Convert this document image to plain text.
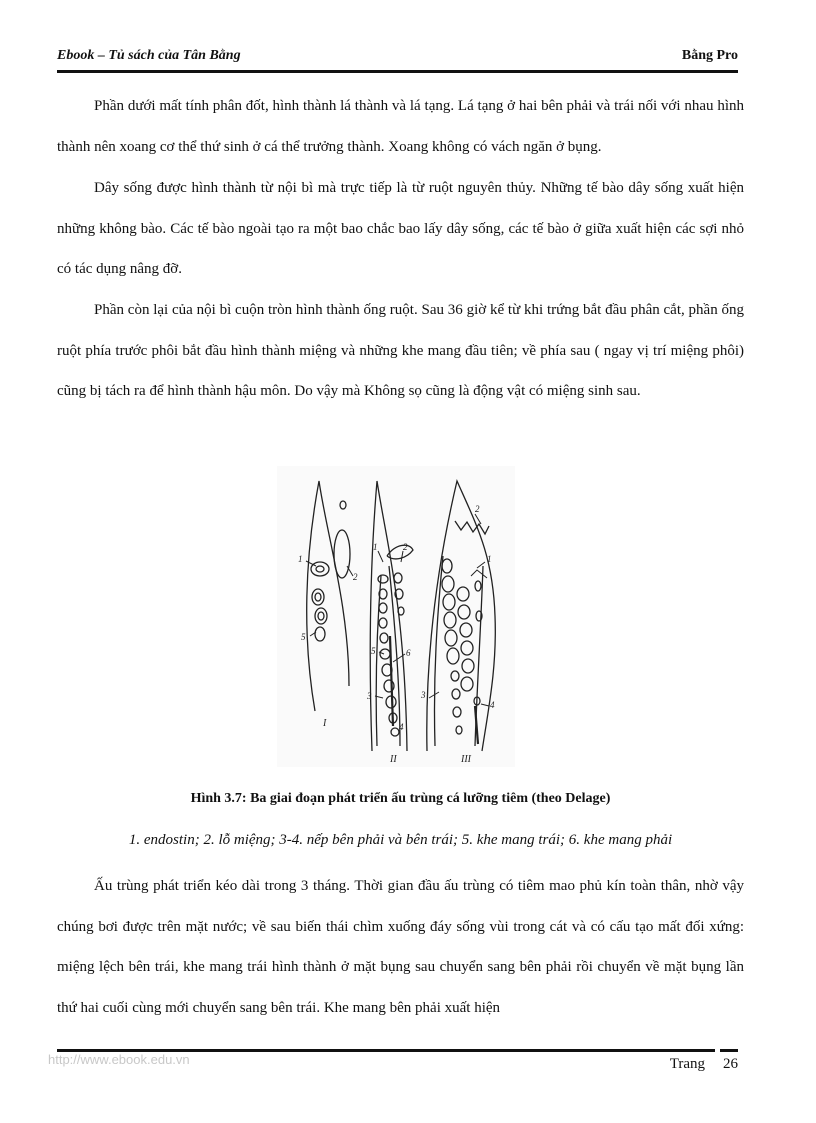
Ebook – Tủ sách của Tân Bằng	Bằng Pro

Phần dưới mất tính phân đốt, hình thành lá thành và lá tạng. Lá tạng ở hai bên phải và trái nối với nhau hình thành nên xoang cơ thể thứ sinh ở cá thể trưởng thành. Xoang không có vách ngăn ở bụng.

Dây sống được hình thành từ nội bì mà trực tiếp là từ ruột nguyên thủy. Những tế bào dây sống xuất hiện những không bào. Các tế bào ngoài tạo ra một bao chắc bao lấy dây sống, các tế bào ở giữa xuất hiện các sợi nhỏ có tác dụng nâng đỡ.

Phần còn lại của nội bì cuộn tròn hình thành ống ruột. Sau 36 giờ kể từ khi trứng bắt đầu phân cắt, phần ống ruột phía trước phôi bắt đầu hình thành miệng và những khe mang đầu tiên; về phía sau ( ngay vị trí miệng phôi) cũng bị tách ra để hình thành hậu môn. Do vậy mà Không sọ cũng là động vật có miệng sinh sau.

1
2
5
1	2
5	6
3
4
2
1
3
4
I
II	III

Hình 3.7: Ba giai đoạn phát triển ấu trùng cá lưỡng tiêm (theo Delage)

1. endostin; 2. lỗ miệng; 3-4. nếp bên phải và bên trái; 5. khe mang trái; 6. khe mang phải

Ấu trùng phát triển kéo dài trong 3 tháng. Thời gian đầu ấu trùng có tiêm mao phủ kín toàn thân, nhờ vậy chúng bơi được trên mặt nước; về sau biến thái chìm xuống đáy sống vùi trong cát và có cấu tạo mất đối xứng: miệng lệch bên trái, khe mang trái hình thành ở mặt bụng sau chuyển sang bên phải rồi chuyển về mặt bụng lần thứ hai cuối cùng mới chuyển sang bên trái. Khe mang bên phải xuất hiện

http://www.ebook.edu.vn	Trang 26
